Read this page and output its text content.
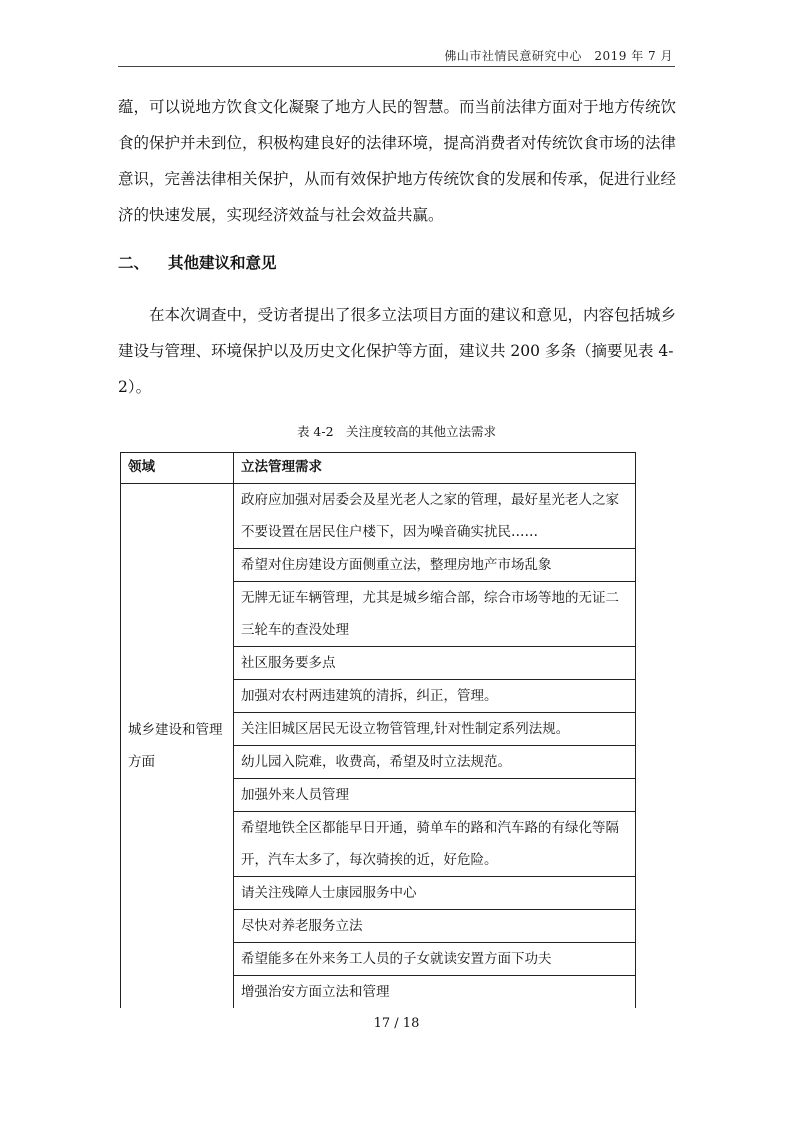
佛山市社情民意研究中心　2019 年 7 月

蕴，可以说地方饮食文化凝聚了地方人民的智慧。而当前法律方面对于地方传统饮食的保护并未到位，积极构建良好的法律环境，提高消费者对传统饮食市场的法律意识，完善法律相关保护，从而有效保护地方传统饮食的发展和传承，促进行业经济的快速发展，实现经济效益与社会效益共赢。

二、 其他建议和意见

在本次调查中，受访者提出了很多立法项目方面的建议和意见，内容包括城乡建设与管理、环境保护以及历史文化保护等方面，建议共 200 多条（摘要见表 4-2）。

表 4-2　关注度较高的其他立法需求
领域	立法管理需求
城乡建设和管理方面	政府应加强对居委会及星光老人之家的管理，最好星光老人之家不要设置在居民住户楼下，因为噪音确实扰民……
	希望对住房建设方面侧重立法，整理房地产市场乱象
	无牌无证车辆管理，尤其是城乡缩合部，综合市场等地的无证二三轮车的查没处理
	社区服务要多点
	加强对农村两违建筑的清拆，纠正，管理。
	关注旧城区居民无设立物管管理,针对性制定系列法规。
	幼儿园入院难，收费高，希望及时立法规范。
	加强外来人员管理
	希望地铁全区都能早日开通，骑单车的路和汽车路的有绿化等隔开，汽车太多了，每次骑挨的近，好危险。
	请关注残障人士康园服务中心
	尽快对养老服务立法
	希望能多在外来务工人员的子女就读安置方面下功夫
	增强治安方面立法和管理
17 / 18
